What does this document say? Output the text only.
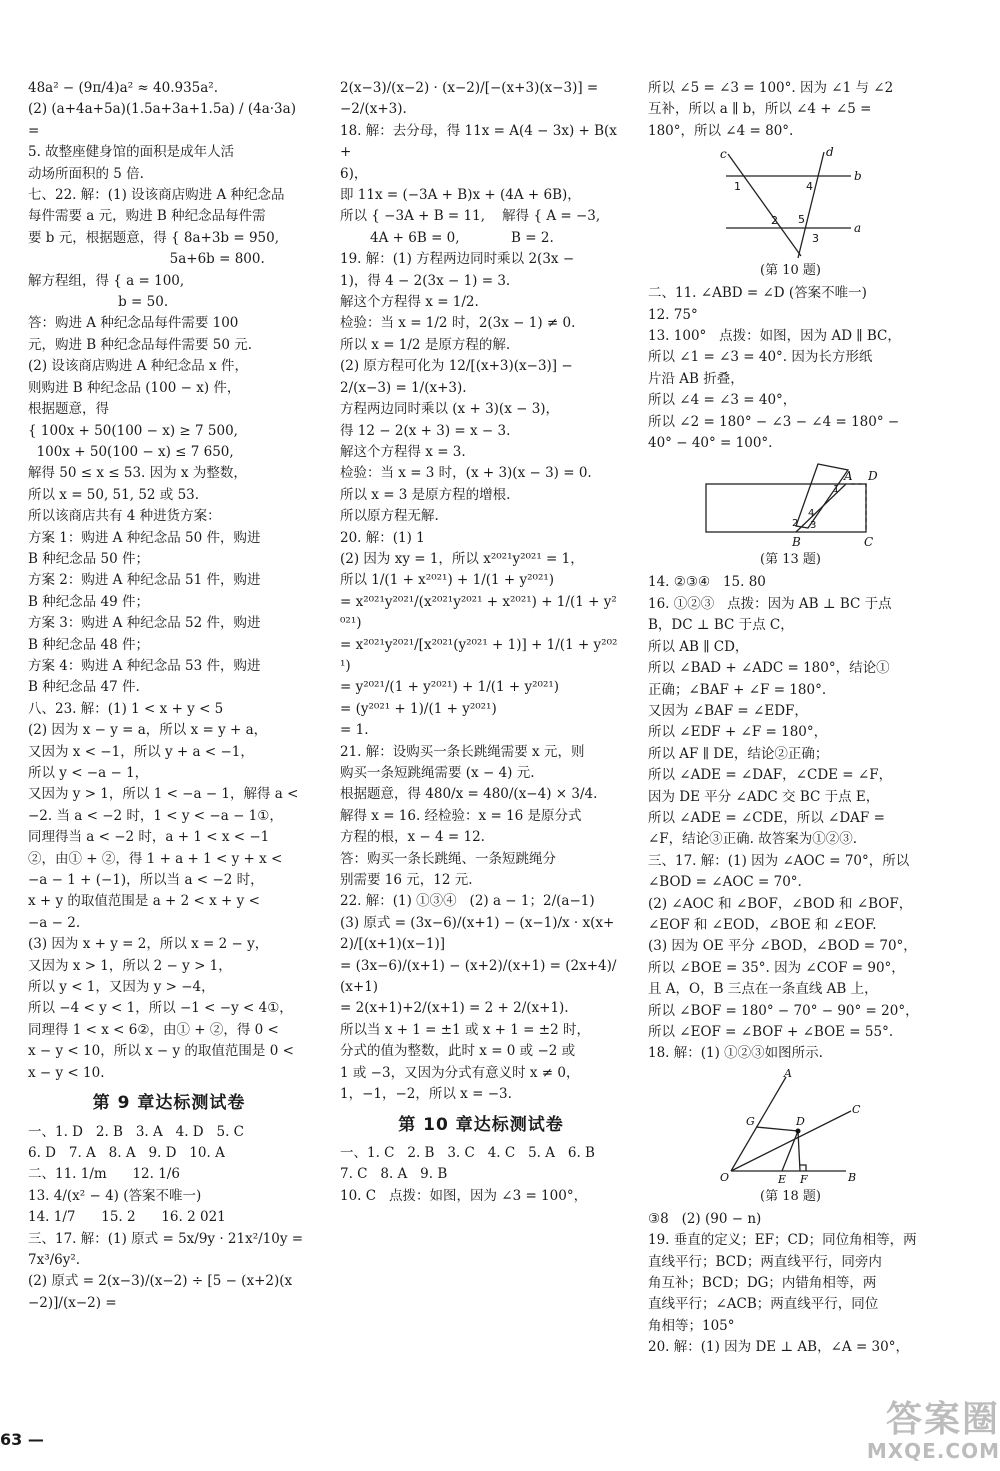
48a² − (9π/4)a² ≈ 40.935a².
(2) (a+4a+5a)(1.5a+3a+1.5a) / (4a·3a) =
5. 故整座健身馆的面积是成年人活
动场所面积的 5 倍.
七、22. 解：(1) 设该商店购进 A 种纪念品
每件需要 a 元，购进 B 种纪念品每件需
要 b 元，根据题意，得 { 8a+3b = 950,
5a+6b = 800.
解方程组，得 { a = 100,
b = 50.
答：购进 A 种纪念品每件需要 100
元，购进 B 种纪念品每件需要 50 元.
(2) 设该商店购进 A 种纪念品 x 件，
则购进 B 种纪念品 (100 − x) 件，
根据题意，得
{ 100x + 50(100 − x) ≥ 7 500,
100x + 50(100 − x) ≤ 7 650,
解得 50 ≤ x ≤ 53. 因为 x 为整数，
所以 x = 50, 51, 52 或 53.
所以该商店共有 4 种进货方案：
方案 1：购进 A 种纪念品 50 件，购进
B 种纪念品 50 件；
方案 2：购进 A 种纪念品 51 件，购进
B 种纪念品 49 件；
方案 3：购进 A 种纪念品 52 件，购进
B 种纪念品 48 件；
方案 4：购进 A 种纪念品 53 件，购进
B 种纪念品 47 件.
八、23. 解：(1) 1 < x + y < 5
(2) 因为 x − y = a，所以 x = y + a，
又因为 x < −1，所以 y + a < −1，
所以 y < −a − 1，
又因为 y > 1，所以 1 < −a − 1，解得 a <
−2. 当 a < −2 时，1 < y < −a − 1①，
同理得当 a < −2 时，a + 1 < x < −1
②，由① + ②，得 1 + a + 1 < y + x <
−a − 1 + (−1)，所以当 a < −2 时，
x + y 的取值范围是 a + 2 < x + y <
−a − 2.
(3) 因为 x + y = 2，所以 x = 2 − y，
又因为 x > 1，所以 2 − y > 1，
所以 y < 1，又因为 y > −4，
所以 −4 < y < 1，所以 −1 < −y < 4①，
同理得 1 < x < 6②，由① + ②，得 0 <
x − y < 10，所以 x − y 的取值范围是 0 <
x − y < 10.
第 9 章达标测试卷
一、1. D   2. B   3. A   4. D   5. C
6. D   7. A   8. A   9. D   10. A
二、11. 1/m      12. 1/6
13. 4/(x² − 4) (答案不唯一)
14. 1/7      15. 2      16. 2 021
三、17. 解：(1) 原式 = 5x/9y · 21x²/10y = 7x³/6y².
(2) 原式 = 2(x−3)/(x−2) ÷ [5 − (x+2)(x−2)]/(x−2) =
2(x−3)/(x−2) · (x−2)/[−(x+3)(x−3)] = −2/(x+3).
18. 解：去分母，得 11x = A(4 − 3x) + B(x +
6)，
即 11x = (−3A + B)x + (4A + 6B)，
所以 { −3A + B = 11,    解得 { A = −3,
4A + 6B = 0,            B = 2.
19. 解：(1) 方程两边同时乘以 2(3x −
1)，得 4 − 2(3x − 1) = 3.
解这个方程得 x = 1/2.
检验：当 x = 1/2 时，2(3x − 1) ≠ 0.
所以 x = 1/2 是原方程的解.
(2) 原方程可化为 12/[(x+3)(x−3)] −
2/(x−3) = 1/(x+3).
方程两边同时乘以 (x + 3)(x − 3)，
得 12 − 2(x + 3) = x − 3.
解这个方程得 x = 3.
检验：当 x = 3 时，(x + 3)(x − 3) = 0.
所以 x = 3 是原方程的增根.
所以原方程无解.
20. 解：(1) 1
(2) 因为 xy = 1，所以 x²⁰²¹y²⁰²¹ = 1，
所以 1/(1 + x²⁰²¹) + 1/(1 + y²⁰²¹)
= x²⁰²¹y²⁰²¹/(x²⁰²¹y²⁰²¹ + x²⁰²¹) + 1/(1 + y²⁰²¹)
= x²⁰²¹y²⁰²¹/[x²⁰²¹(y²⁰²¹ + 1)] + 1/(1 + y²⁰²¹)
= y²⁰²¹/(1 + y²⁰²¹) + 1/(1 + y²⁰²¹)
= (y²⁰²¹ + 1)/(1 + y²⁰²¹)
= 1.
21. 解：设购买一条长跳绳需要 x 元，则
购买一条短跳绳需要 (x − 4) 元.
根据题意，得 480/x = 480/(x−4) × 3/4.
解得 x = 16. 经检验：x = 16 是原分式
方程的根，x − 4 = 12.
答：购买一条长跳绳、一条短跳绳分
别需要 16 元，12 元.
22. 解：(1) ①③④   (2) a − 1；2/(a−1)
(3) 原式 = (3x−6)/(x+1) − (x−1)/x · x(x+2)/[(x+1)(x−1)]
= (3x−6)/(x+1) − (x+2)/(x+1) = (2x+4)/(x+1)
= 2(x+1)+2/(x+1) = 2 + 2/(x+1).
所以当 x + 1 = ±1 或 x + 1 = ±2 时，
分式的值为整数，此时 x = 0 或 −2 或
1 或 −3，又因为分式有意义时 x ≠ 0，
1，−1，−2，所以 x = −3.
第 10 章达标测试卷
一、1. C   2. B   3. C   4. C   5. A   6. B
7. C   8. A   9. B
10. C   点拨：如图，因为 ∠3 = 100°，
所以 ∠5 = ∠3 = 100°. 因为 ∠1 与 ∠2
互补，所以 a ∥ b，所以 ∠4 + ∠5 =
180°，所以 ∠4 = 80°.
c	d
b
a
1
2
3
4
5
(第 10 题)
二、11. ∠ABD = ∠D (答案不唯一)
12. 75°
13. 100°   点拨：如图，因为 AD ∥ BC，
所以 ∠1 = ∠3 = 40°. 因为长方形纸
片沿 AB 折叠，
所以 ∠4 = ∠3 = 40°，
所以 ∠2 = 180° − ∠3 − ∠4 = 180° −
40° − 40° = 100°.
A D
B	C
1
2 3
4
(第 13 题)
14. ②③④   15. 80
16. ①②③   点拨：因为 AB ⊥ BC 于点
B，DC ⊥ BC 于点 C，
所以 AB ∥ CD，
所以 ∠BAD + ∠ADC = 180°，结论①
正确；∠BAF + ∠F = 180°.
又因为 ∠BAF = ∠EDF，
所以 ∠EDF + ∠F = 180°，
所以 AF ∥ DE，结论②正确；
所以 ∠ADE = ∠DAF，∠CDE = ∠F，
因为 DE 平分 ∠ADC 交 BC 于点 E，
所以 ∠ADE = ∠CDE，所以 ∠DAF =
∠F，结论③正确. 故答案为①②③.
三、17. 解：(1) 因为 ∠AOC = 70°，所以
∠BOD = ∠AOC = 70°.
(2) ∠AOC 和 ∠BOF，∠BOD 和 ∠BOF，
∠EOF 和 ∠EOD，∠BOE 和 ∠EOF.
(3) 因为 OE 平分 ∠BOD，∠BOD = 70°，
所以 ∠BOE = 35°. 因为 ∠COF = 90°，
且 A，O，B 三点在一条直线 AB 上，
所以 ∠BOF = 180° − 70° − 90° = 20°，
所以 ∠EOF = ∠BOF + ∠BOE = 55°.
18. 解：(1) ①②③如图所示.
A
G	D
C
O	E F	B
(第 18 题)
③8   (2) (90 − n)
19. 垂直的定义；EF；CD；同位角相等，两
直线平行；BCD；两直线平行，同旁内
角互补；BCD；DG；内错角相等，两
直线平行；∠ACB；两直线平行，同位
角相等；105°
20. 解：(1) 因为 DE ⊥ AB，∠A = 30°，
63 —	答案圈
MXQE.COM
